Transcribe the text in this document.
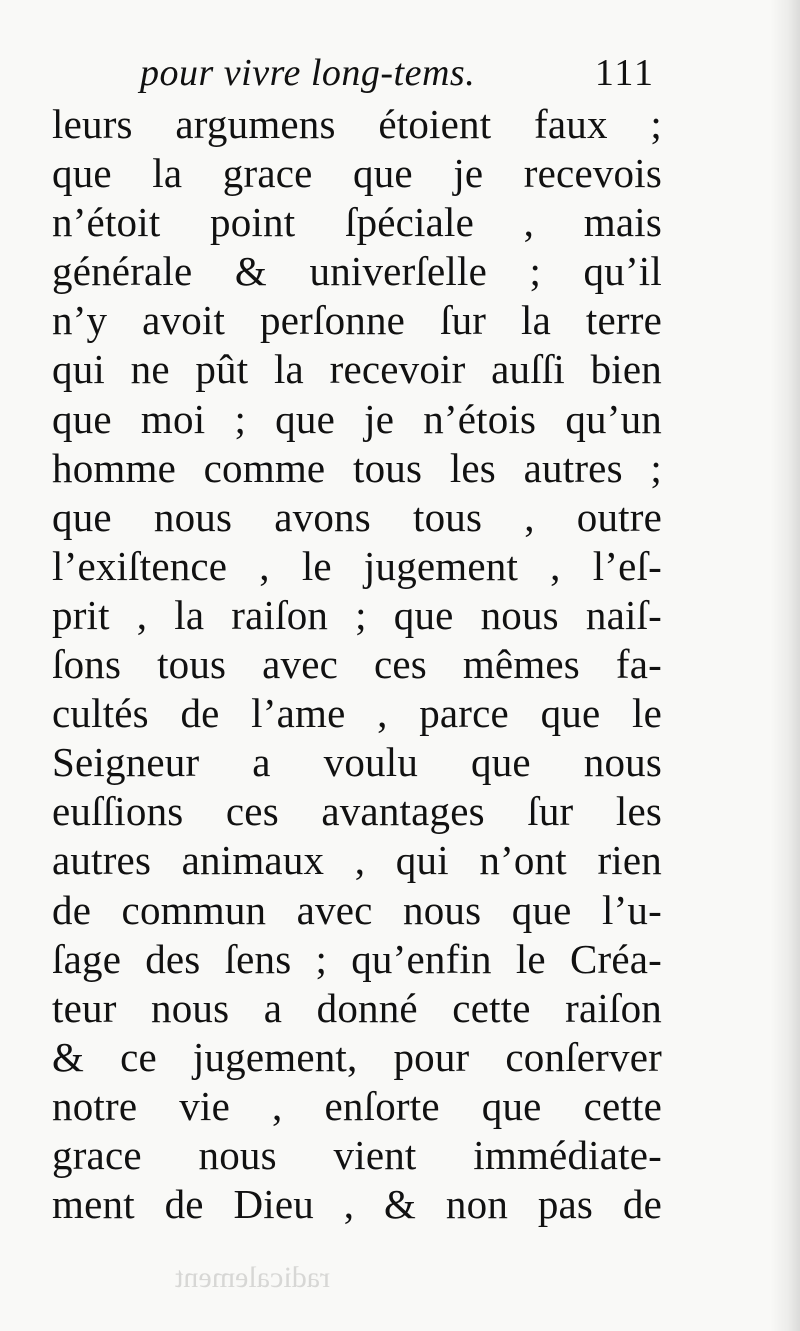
pour vivre long-tems.	111
leurs argumens étoient faux ;
que la grace que je recevois
n’étoit point ſpéciale , mais
générale & univerſelle ; qu’il
n’y avoit perſonne ſur la terre
qui ne pût la recevoir auſſi bien
que moi ; que je n’étois qu’un
homme comme tous les autres ;
que nous avons tous , outre
l’exiſtence , le jugement , l’eſ-
prit , la raiſon ; que nous naiſ-
ſons tous avec ces mêmes fa-
cultés de l’ame , parce que le
Seigneur a voulu que nous
euſſions ces avantages ſur les
autres animaux , qui n’ont rien
de commun avec nous que l’u-
ſage des ſens ; qu’enfin le Créa-
teur nous a donné cette raiſon
& ce jugement, pour conſerver
notre vie , enſorte que cette
grace nous vient immédiate-
ment de Dieu , & non pas de
radicalement
